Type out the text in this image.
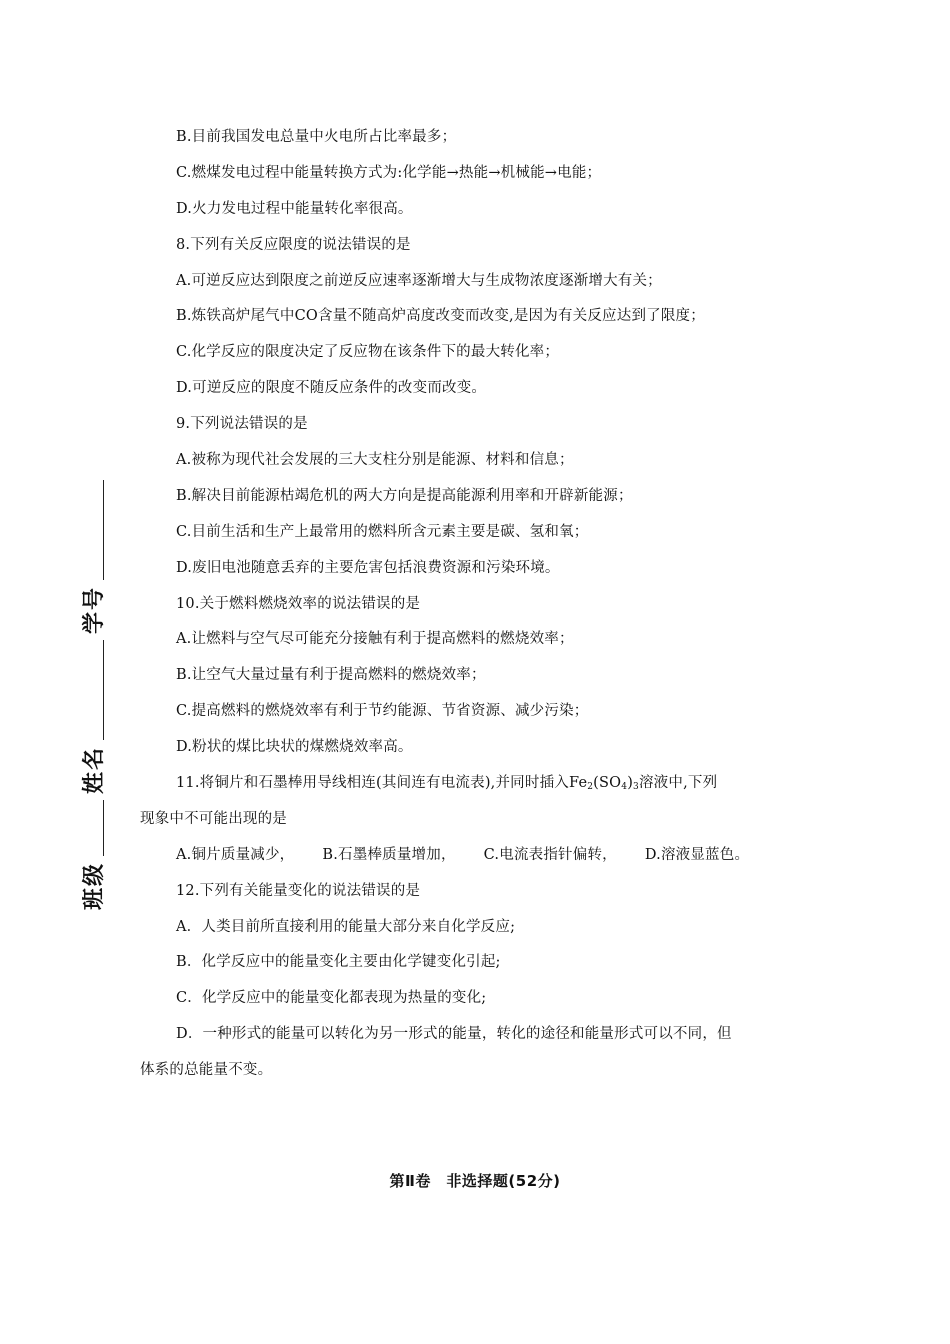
B.目前我国发电总量中火电所占比率最多；
C.燃煤发电过程中能量转换方式为:化学能→热能→机械能→电能；
D.火力发电过程中能量转化率很高。
8.下列有关反应限度的说法错误的是
A.可逆反应达到限度之前逆反应速率逐渐增大与生成物浓度逐渐增大有关；
B.炼铁高炉尾气中CO含量不随高炉高度改变而改变,是因为有关反应达到了限度；
C.化学反应的限度决定了反应物在该条件下的最大转化率；
D.可逆反应的限度不随反应条件的改变而改变。
9.下列说法错误的是
A.被称为现代社会发展的三大支柱分别是能源、材料和信息；
B.解决目前能源枯竭危机的两大方向是提高能源利用率和开辟新能源；
C.目前生活和生产上最常用的燃料所含元素主要是碳、氢和氧；
D.废旧电池随意丢弃的主要危害包括浪费资源和污染环境。
10.关于燃料燃烧效率的说法错误的是
A.让燃料与空气尽可能充分接触有利于提高燃料的燃烧效率；
B.让空气大量过量有利于提高燃料的燃烧效率；
C.提高燃料的燃烧效率有利于节约能源、节省资源、减少污染；
D.粉状的煤比块状的煤燃烧效率高。
11.将铜片和石墨棒用导线相连(其间连有电流表),并同时插入$Fe_2(SO_4)_3$溶液中,下列
现象中不可能出现的是
A.铜片质量减少， B.石墨棒质量增加， C.电流表指针偏转， D.溶液显蓝色。
12.下列有关能量变化的说法错误的是
A．人类目前所直接利用的能量大部分来自化学反应;
B．化学反应中的能量变化主要由化学键变化引起;
C．化学反应中的能量变化都表现为热量的变化;
D．一种形式的能量可以转化为另一形式的能量，转化的途径和能量形式可以不同，但
体系的总能量不变。
第Ⅱ卷　非选择题(52分)
班级
姓名
学号
